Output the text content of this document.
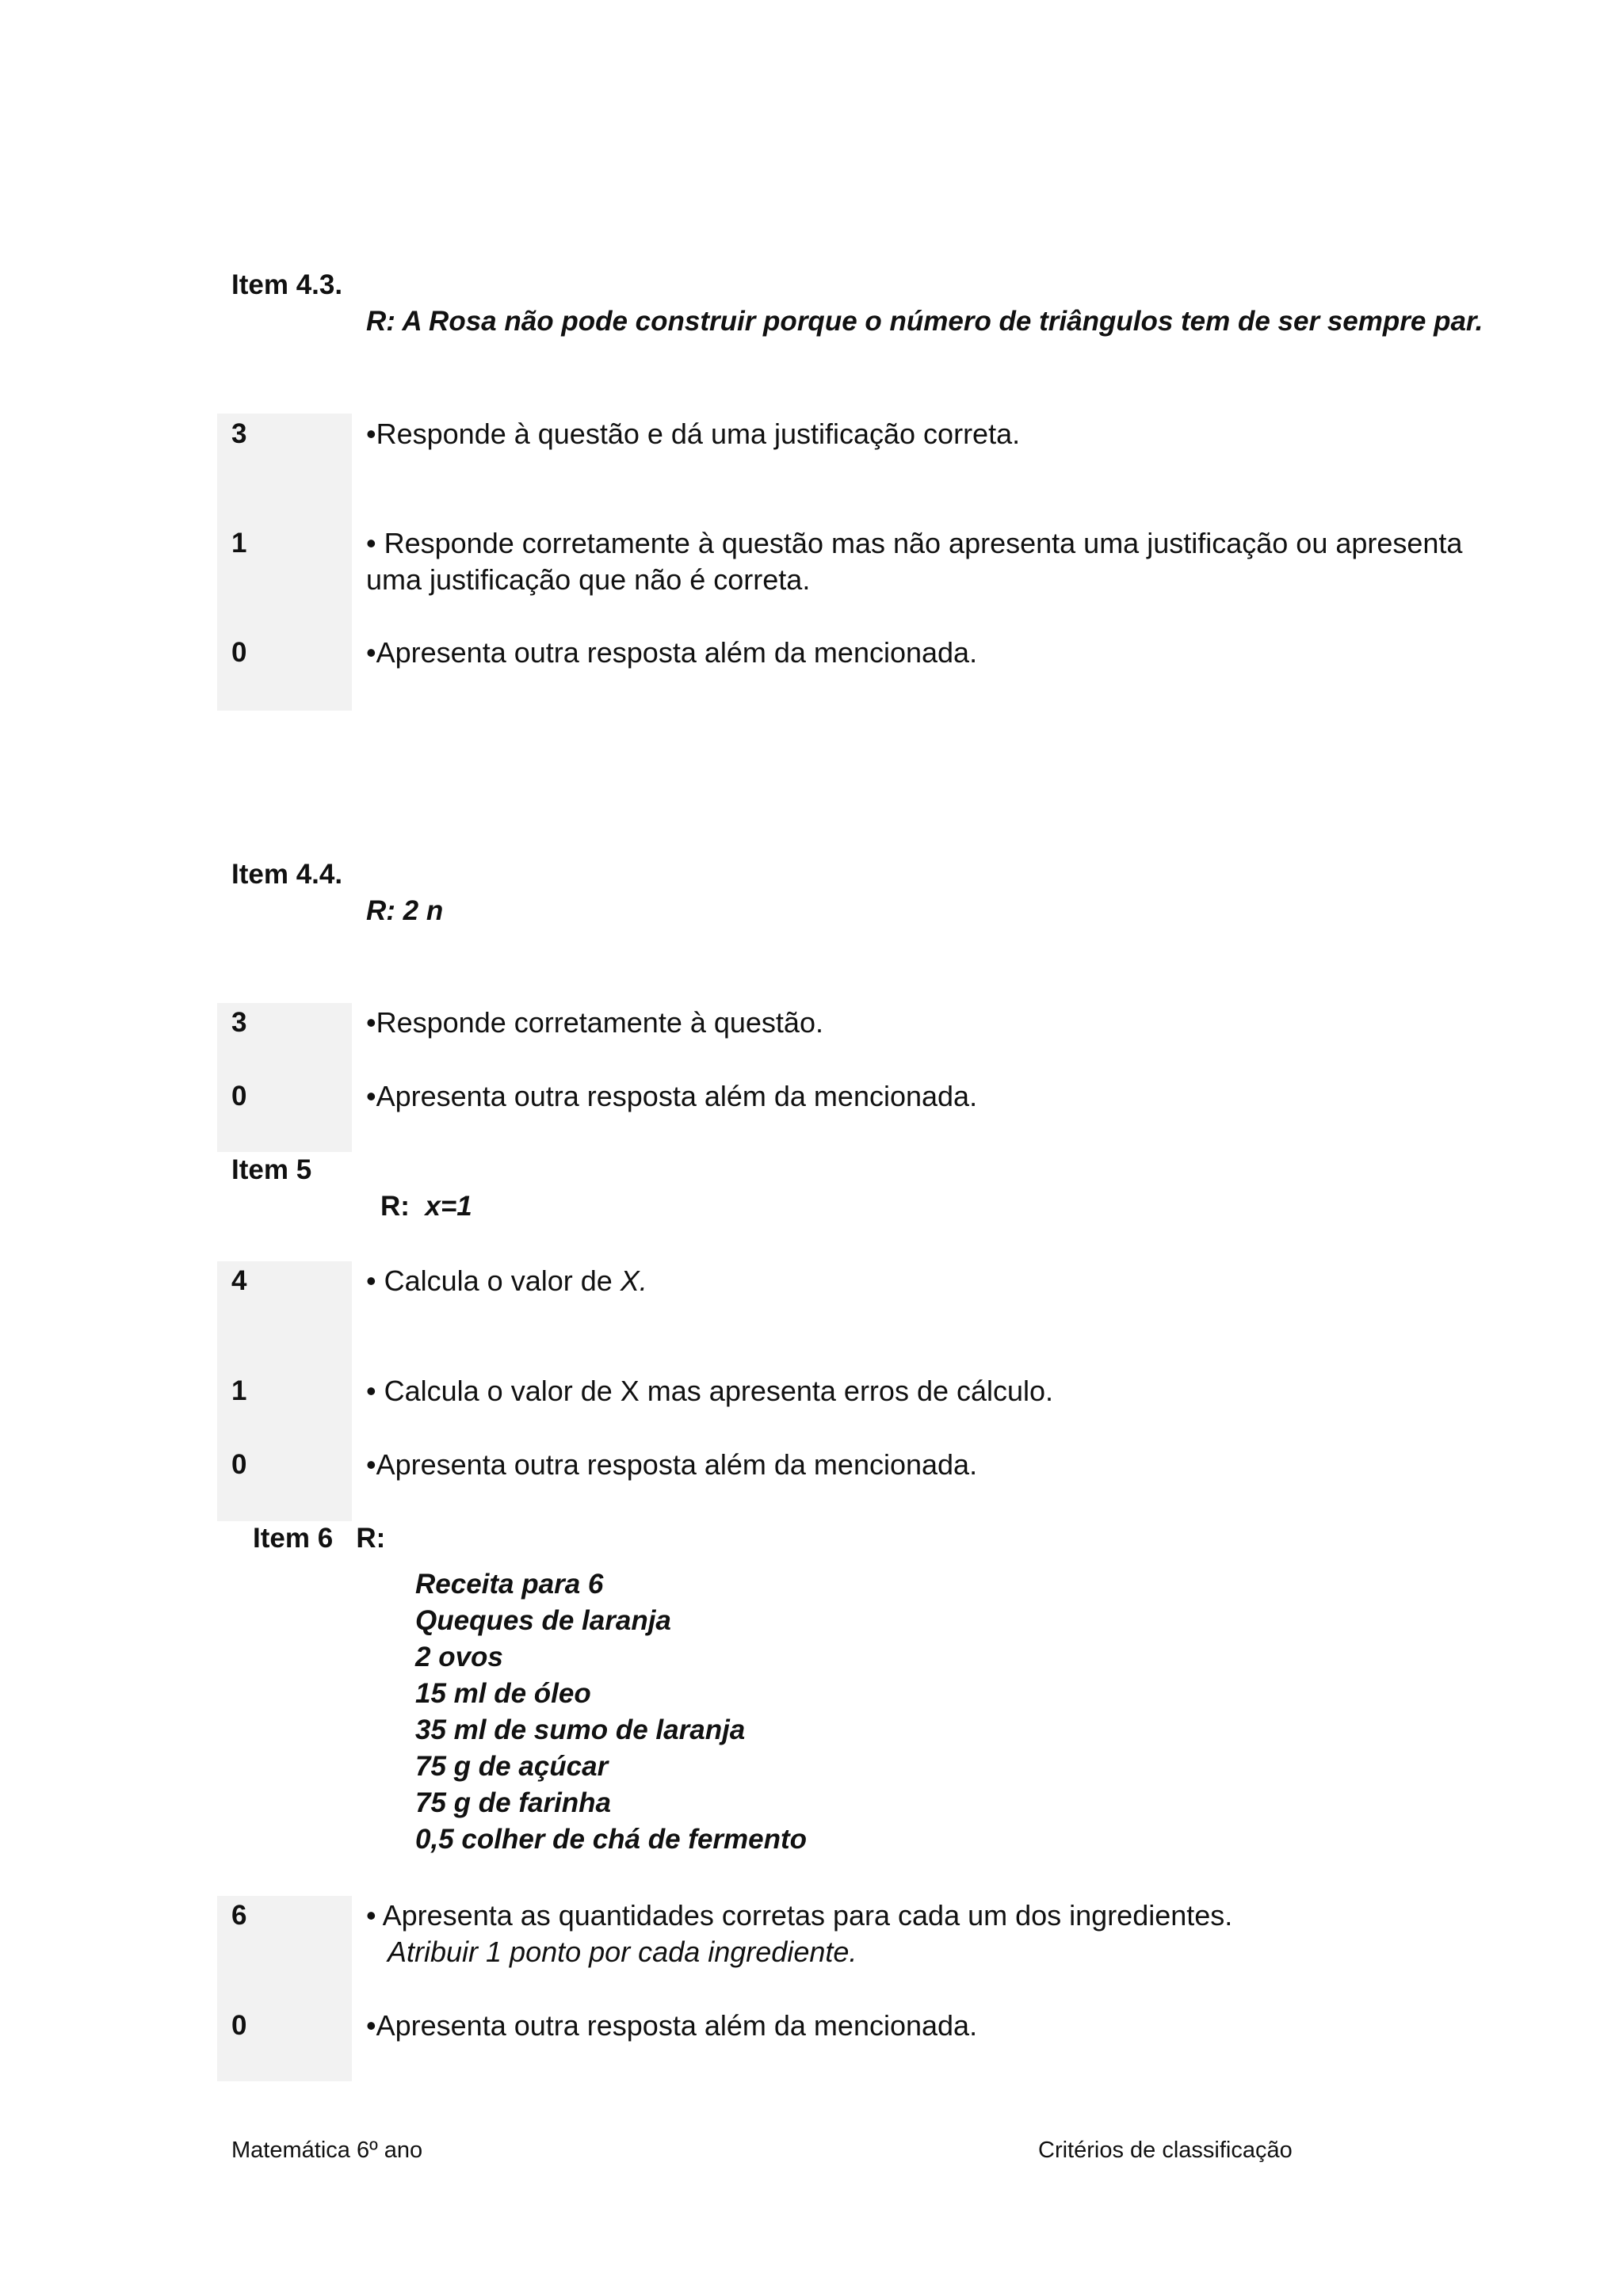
Item 4.3.
R: A Rosa não pode construir porque o número de triângulos tem de ser sempre par.
3	• Responde à questão e dá uma justificação correta.
1	• Responde corretamente à questão mas não apresenta uma justificação ou apresenta
uma justificação que não é correta.
0	• Apresenta outra resposta além da mencionada.
Item 4.4.
R: 2 n
3	• Responde corretamente à questão.
0	• Apresenta outra resposta além da mencionada.
Item 5
R: x=1
4	• Calcula o valor de X.
1	• Calcula o valor de X mas apresenta erros de cálculo.
0	• Apresenta outra resposta além da mencionada.
Item 6 R:
Receita para 6
Queques de laranja
2 ovos
15 ml de óleo
35 ml de sumo de laranja
75 g de açúcar
75 g de farinha
0,5 colher de chá de fermento
6	• Apresenta as quantidades corretas para cada um dos ingredientes.
Atribuir 1 ponto por cada ingrediente.
0	• Apresenta outra resposta além da mencionada.
Matemática 6º ano	Critérios de classificação
